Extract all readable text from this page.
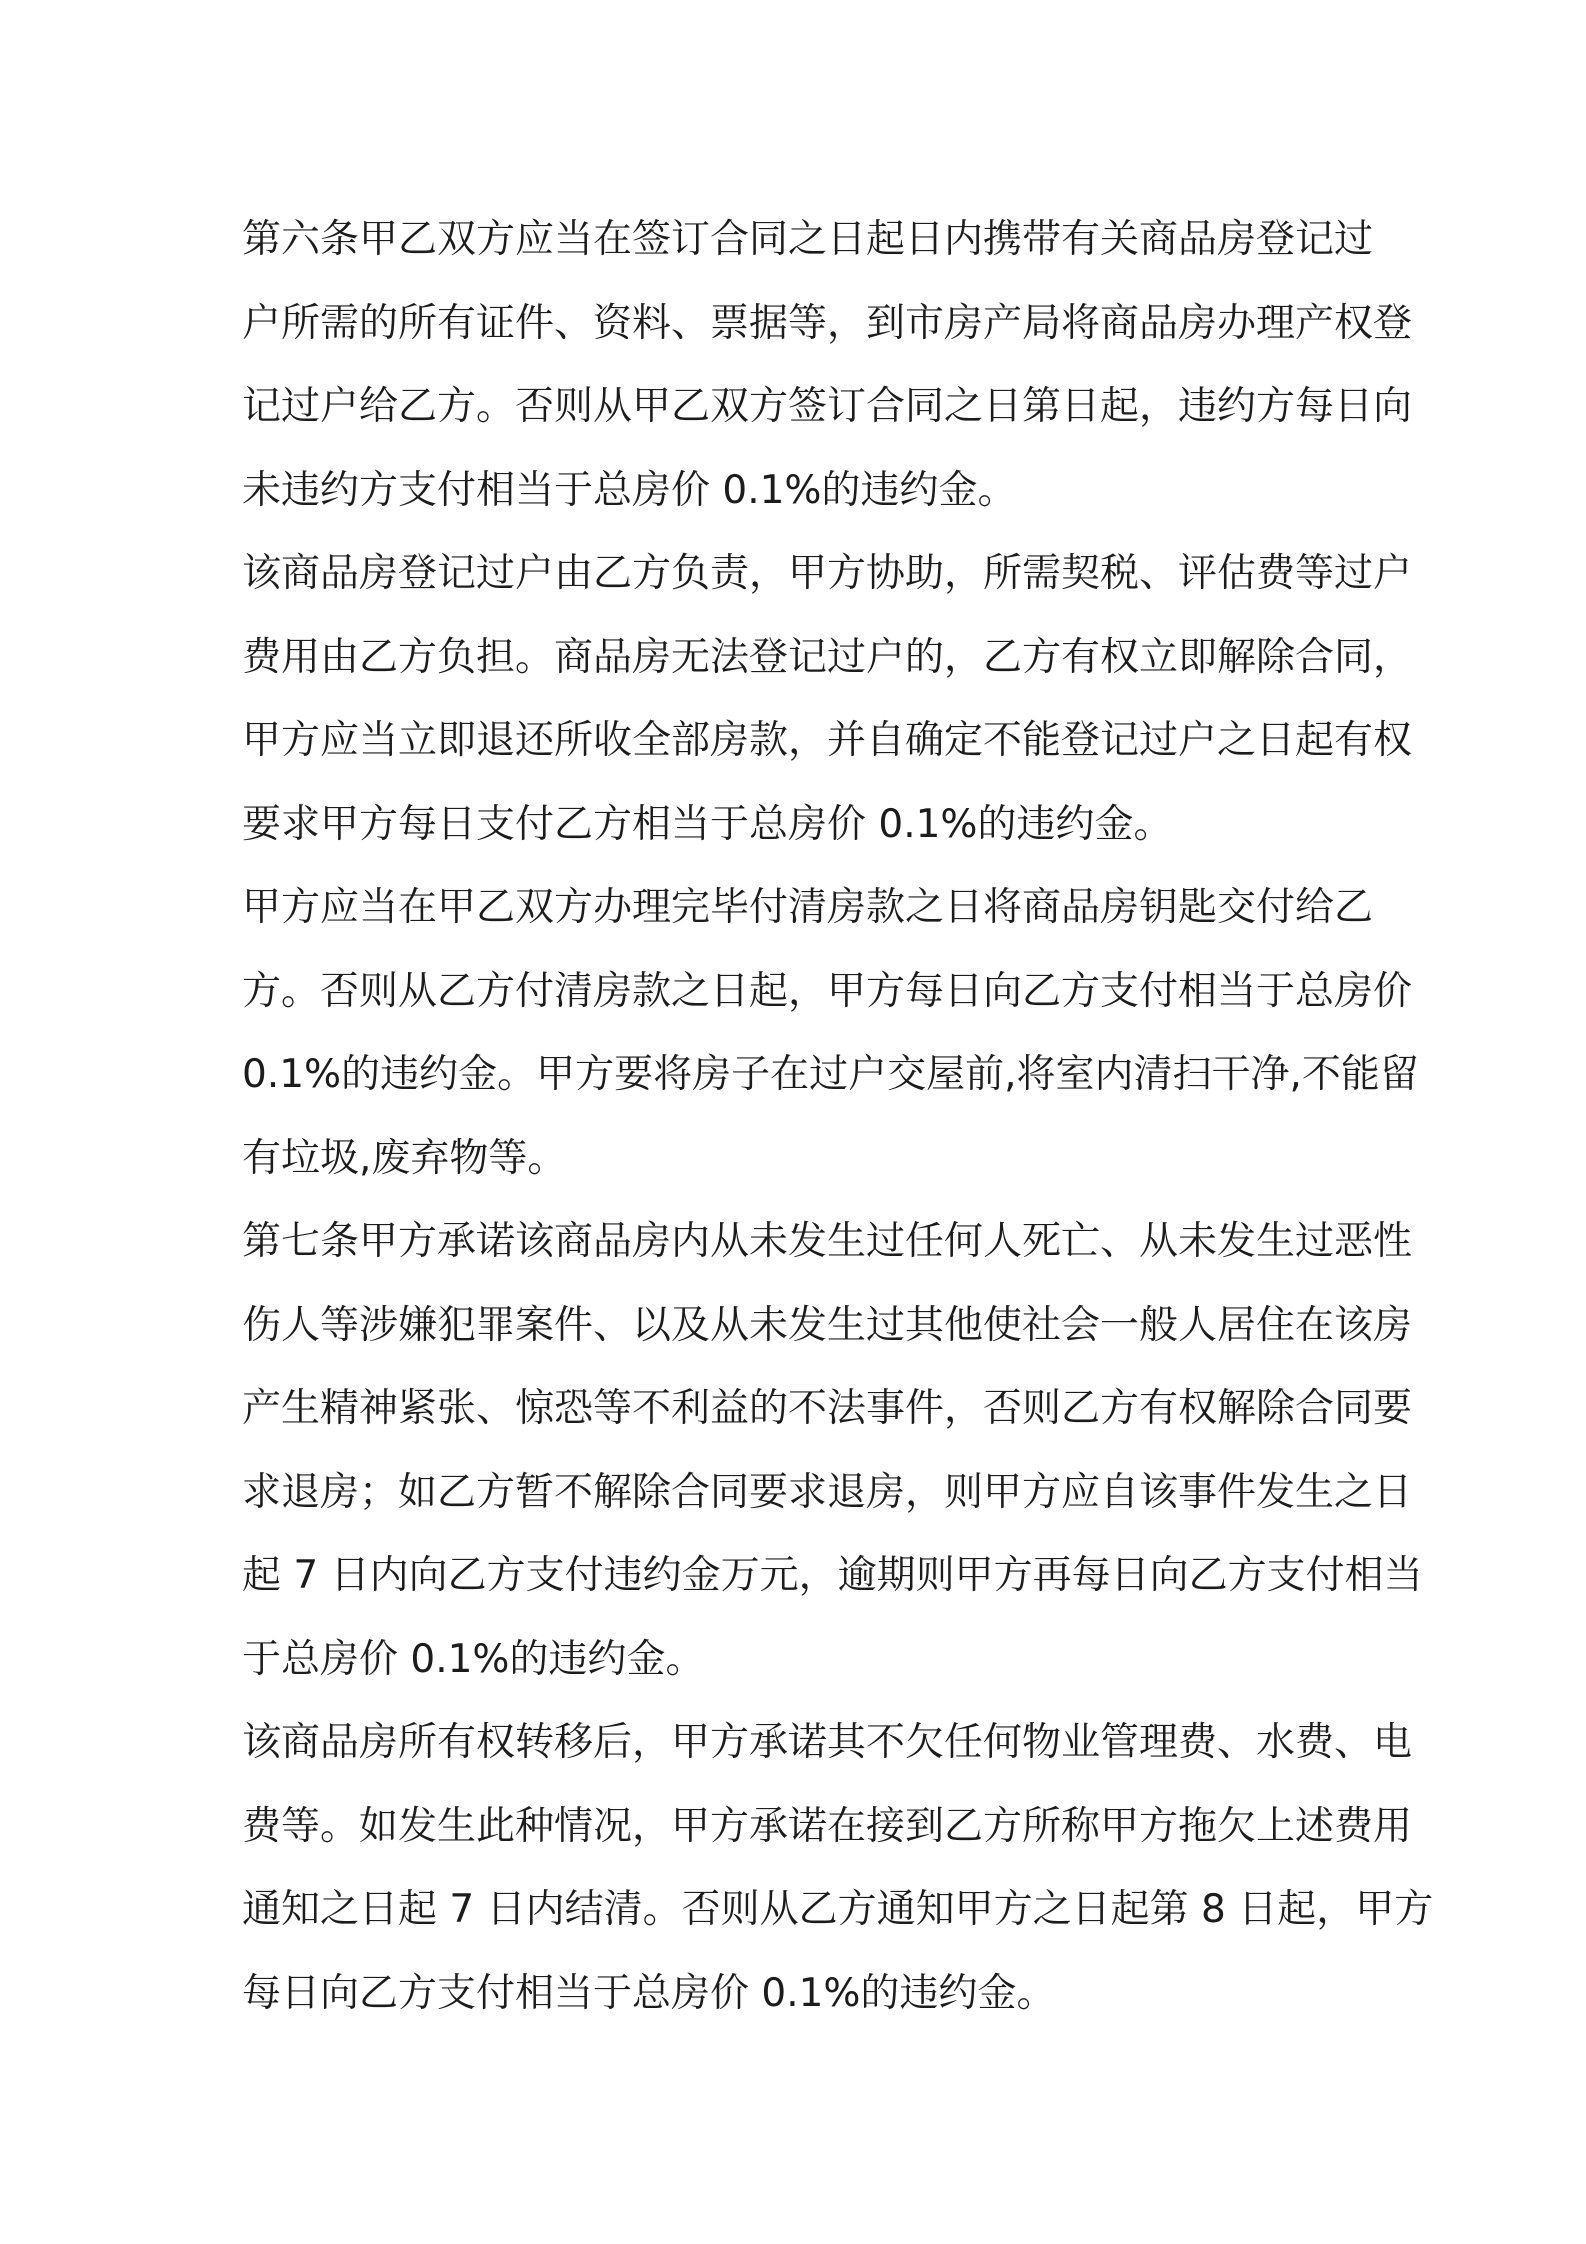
第六条甲乙双方应当在签订合同之日起日内携带有关商品房登记过
户所需的所有证件、资料、票据等，到市房产局将商品房办理产权登
记过户给乙方。否则从甲乙双方签订合同之日第日起，违约方每日向
未违约方支付相当于总房价 0.1%的违约金。

该商品房登记过户由乙方负责，甲方协助，所需契税、评估费等过户
费用由乙方负担。商品房无法登记过户的，乙方有权立即解除合同，
甲方应当立即退还所收全部房款，并自确定不能登记过户之日起有权
要求甲方每日支付乙方相当于总房价 0.1%的违约金。

甲方应当在甲乙双方办理完毕付清房款之日将商品房钥匙交付给乙
方。否则从乙方付清房款之日起，甲方每日向乙方支付相当于总房价
0.1%的违约金。甲方要将房子在过户交屋前,将室内清扫干净,不能留
有垃圾,废弃物等。

第七条甲方承诺该商品房内从未发生过任何人死亡、从未发生过恶性
伤人等涉嫌犯罪案件、以及从未发生过其他使社会一般人居住在该房
产生精神紧张、惊恐等不利益的不法事件，否则乙方有权解除合同要
求退房；如乙方暂不解除合同要求退房，则甲方应自该事件发生之日
起 7 日内向乙方支付违约金万元，逾期则甲方再每日向乙方支付相当
于总房价 0.1%的违约金。

该商品房所有权转移后，甲方承诺其不欠任何物业管理费、水费、电
费等。如发生此种情况，甲方承诺在接到乙方所称甲方拖欠上述费用
通知之日起 7 日内结清。否则从乙方通知甲方之日起第 8 日起，甲方
每日向乙方支付相当于总房价 0.1%的违约金。
